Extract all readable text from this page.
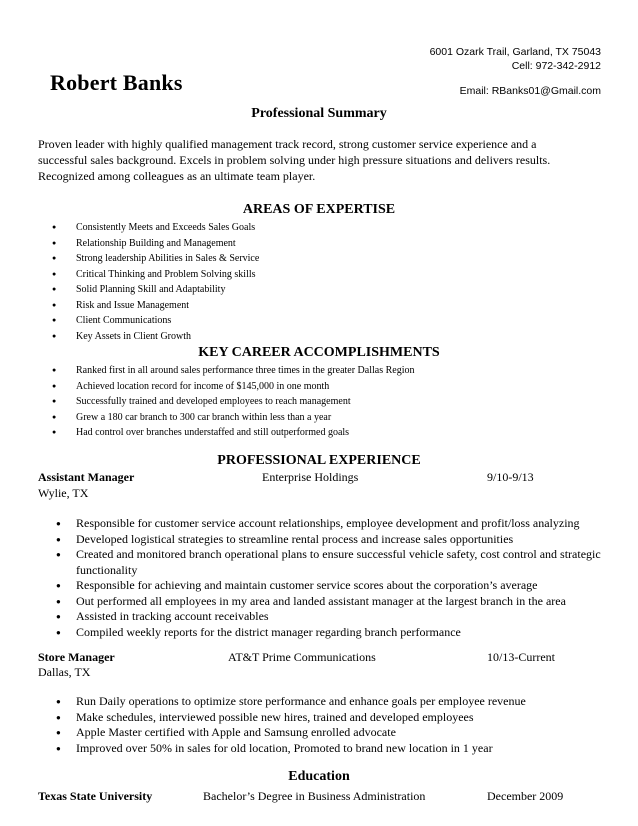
6001 Ozark Trail, Garland, TX 75043
Cell: 972-342-2912
Email: RBanks01@Gmail.com
Robert Banks
Professional Summary
Proven leader with highly qualified management track record, strong customer service experience and a
successful sales background. Excels in problem solving under high pressure situations and delivers results.
Recognized among colleagues as an ultimate team player.
AREAS OF EXPERTISE
● Consistently Meets and Exceeds Sales Goals
● Relationship Building and Management
● Strong leadership Abilities in Sales & Service
● Critical Thinking and Problem Solving skills
● Solid Planning Skill and Adaptability
● Risk and Issue Management
● Client Communications
● Key Assets in Client Growth
KEY CAREER ACCOMPLISHMENTS
● Ranked first in all around sales performance three times in the greater Dallas Region
● Achieved location record for income of $145,000 in one month
● Successfully trained and developed employees to reach management
● Grew a 180 car branch to 300 car branch within less than a year
● Had control over branches understaffed and still outperformed goals
PROFESSIONAL EXPERIENCE
Assistant Manager	Enterprise Holdings	9/10-9/13
Wylie, TX
● Responsible for customer service account relationships, employee development and profit/loss analyzing
● Developed logistical strategies to streamline rental process and increase sales opportunities
● Created and monitored branch operational plans to ensure successful vehicle safety, cost control and strategic functionality
● Responsible for achieving and maintain customer service scores about the corporation’s average
● Out performed all employees in my area and landed assistant manager at the largest branch in the area
● Assisted in tracking account receivables
● Compiled weekly reports for the district manager regarding branch performance
Store Manager	AT&T Prime Communications	10/13-Current
Dallas, TX
● Run Daily operations to optimize store performance and enhance goals per employee revenue
● Make schedules, interviewed possible new hires, trained and developed employees
● Apple Master certified with Apple and Samsung enrolled advocate
● Improved over 50% in sales for old location, Promoted to brand new location in 1 year
Education
Texas State University	Bachelor’s Degree in Business Administration	December 2009
